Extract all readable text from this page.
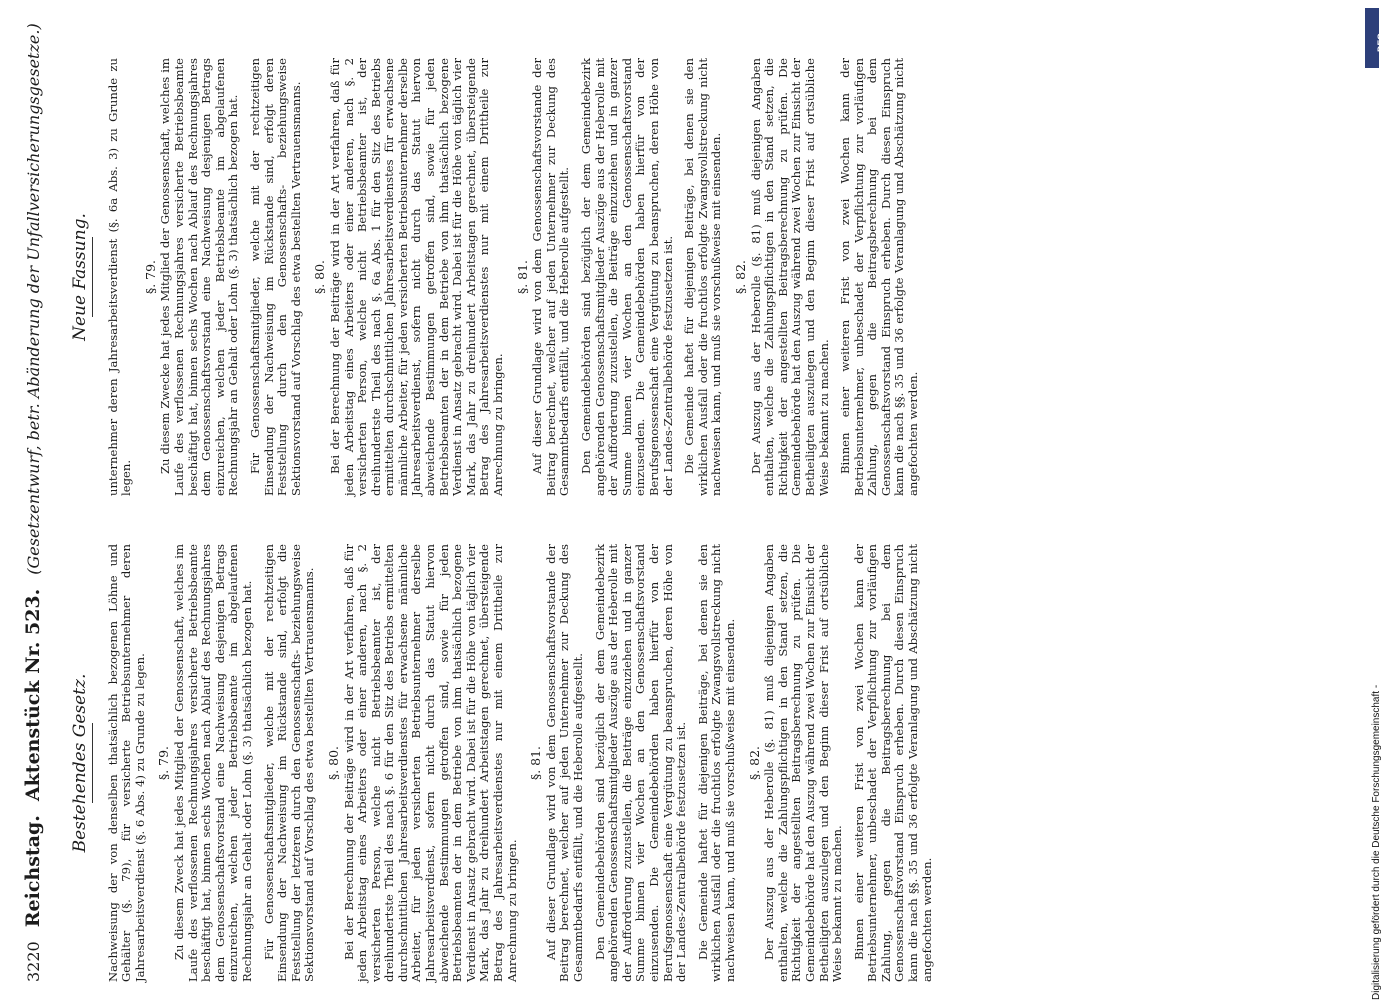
3220
Reichstag.
Aktenstück Nr. 523.
(Gesetzentwurf, betr. Abänderung der Unfallversicherungsgesetze.)
Bestehendes Gesetz.	Nachweisung der von denselben thatsächlich bezogenen Löhne und Gehälter (§. 79), für versicherte Betriebsunternehmer deren Jahresarbeitsverdienst (§. 6 Abs. 4) zu Grunde zu legen. §. 79. Zu diesem Zweck hat jedes Mitglied der Genossenschaft, welches im Laufe des verflossenen Rechnungsjahres versicherte Betriebsbeamte beschäftigt hat, binnen sechs Wochen nach Ablauf des Rechnungsjahres dem Genossenschaftsvorstand eine Nachweisung desjenigen Betrags einzureichen, welchen jeder Betriebsbeamte im abgelaufenen Rechnungsjahr an Gehalt oder Lohn (§. 3) thatsächlich bezogen hat. Für Genossenschaftsmitglieder, welche mit der rechtzeitigen Einsendung der Nachweisung im Rückstande sind, erfolgt die Feststellung der letzteren durch den Genossenschafts- beziehungsweise Sektionsvorstand auf Vorschlag des etwa bestellten Vertrauensmanns. §. 80. Bei der Berechnung der Beiträge wird in der Art verfahren, daß für jeden Arbeitstag eines Arbeiters oder einer anderen, nach §. 2 versicherten Person, welche nicht Betriebsbeamter ist, der dreihundertste Theil des nach §. 6 für den Sitz des Betriebs ermittelten durchschnittlichen Jahresarbeitsverdienstes für erwachsene männliche Arbeiter, für jeden versicherten Betriebsunternehmer derselbe Jahresarbeitsverdienst, sofern nicht durch das Statut hiervon abweichende Bestimmungen getroffen sind, sowie für jeden Betriebsbeamten der in dem Betriebe von ihm thatsächlich bezogene Verdienst in Ansatz gebracht wird. Dabei ist für die Höhe von täglich vier Mark, das Jahr zu dreihundert Arbeitstagen gerechnet, übersteigende Betrag des Jahresarbeitsverdienstes nur mit einem Drittheile zur Anrechnung zu bringen.

§. 81. Auf dieser Grundlage wird von dem Genossenschaftsvorstande der Beitrag berechnet, welcher auf jeden Unternehmer zur Deckung des Gesammtbedarfs entfällt, und die Heberolle aufgestellt. Den Gemeindebehörden sind bezüglich der dem Gemeindebezirk angehörenden Genossenschaftsmitglieder Auszüge aus der Heberolle mit der Aufforderung zuzustellen, die Beiträge einzuziehen und in ganzer Summe binnen vier Wochen an den Genossenschaftsvorstand einzusenden. Die Gemeindebehörden haben hierfür von der Berufsgenossenschaft eine Vergütung zu beanspruchen, deren Höhe von der Landes-Zentralbehörde festzusetzen ist. Die Gemeinde haftet für diejenigen Beiträge, bei denen sie den wirklichen Ausfall oder die fruchtlos erfolgte Zwangsvollstreckung nicht nachweisen kann, und muß sie vorschußweise mit einsenden. §. 82. Der Auszug aus der Heberolle (§. 81) muß diejenigen Angaben enthalten, welche die Zahlungspflichtigen in den Stand setzen, die Richtigkeit der angestellten Beitragsberechnung zu prüfen. Die Gemeindebehörde hat den Auszug während zwei Wochen zur Einsicht der Betheiligten auszulegen und den Beginn dieser Frist auf ortsübliche Weise bekannt zu machen. Binnen einer weiteren Frist von zwei Wochen kann der Betriebsunternehmer, unbeschadet der Verpflichtung zur vorläufigen Zahlung, gegen die Beitragsberechnung bei dem Genossenschaftsvorstand Einspruch erheben. Durch diesen Einspruch kann die nach §§. 35 und 36 erfolgte Veranlagung und Abschätzung nicht angefochten werden.

Neue Fassung.	unternehmer deren Jahresarbeitsverdienst (§. 6a Abs. 3) zu Grunde zu legen.

§. 79. Zu diesem Zwecke hat jedes Mitglied der Genossenschaft, welches im Laufe des verflossenen Rechnungsjahres versicherte Betriebsbeamte beschäftigt hat, binnen sechs Wochen nach Ablauf des Rechnungsjahres dem Genossenschaftsvorstand eine Nachweisung desjenigen Betrags einzureichen, welchen jeder Betriebsbeamte im abgelaufenen Rechnungsjahr an Gehalt oder Lohn (§. 3) thatsächlich bezogen hat. Für Genossenschaftsmitglieder, welche mit der rechtzeitigen Einsendung der Nachweisung im Rückstande sind, erfolgt deren Feststellung durch den Genossenschafts- beziehungsweise Sektionsvorstand auf Vorschlag des etwa bestellten Vertrauensmanns. §. 80. Bei der Berechnung der Beiträge wird in der Art verfahren, daß für jeden Arbeitstag eines Arbeiters oder einer anderen, nach §. 2 versicherten Person, welche nicht Betriebsbeamter ist, der dreihundertste Theil des nach §. 6a Abs. 1 für den Sitz des Betriebs ermittelten durchschnittlichen Jahresarbeitsverdienstes für erwachsene männliche Arbeiter, für jeden versicherten Betriebsunternehmer derselbe Jahresarbeitsverdienst, sofern nicht durch das Statut hiervon abweichende Bestimmungen getroffen sind, sowie für jeden Betriebsbeamten der in dem Betriebe von ihm thatsächlich bezogene Verdienst in Ansatz gebracht wird. Dabei ist für die Höhe von täglich vier Mark, das Jahr zu dreihundert Arbeitstagen gerechnet, übersteigende Betrag des Jahresarbeitsverdienstes nur mit einem Drittheile zur Anrechnung zu bringen.

§. 81. Auf dieser Grundlage wird von dem Genossenschaftsvorstande der Beitrag berechnet, welcher auf jeden Unternehmer zur Deckung des Gesammtbedarfs entfällt, und die Heberolle aufgestellt. Den Gemeindebehörden sind bezüglich der dem Gemeindebezirk angehörenden Genossenschaftsmitglieder Auszüge aus der Heberolle mit der Aufforderung zuzustellen, die Beiträge einzuziehen und in ganzer Summe binnen vier Wochen an den Genossenschaftsvorstand einzusenden. Die Gemeindebehörden haben hierfür von der Berufsgenossenschaft eine Vergütung zu beanspruchen, deren Höhe von der Landes-Zentralbehörde festzusetzen ist. Die Gemeinde haftet für diejenigen Beiträge, bei denen sie den wirklichen Ausfall oder die fruchtlos erfolgte Zwangsvollstreckung nicht nachweisen kann, und muß sie vorschußweise mit einsenden. §. 82. Der Auszug aus der Heberolle (§. 81) muß diejenigen Angaben enthalten, welche die Zahlungspflichtigen in den Stand setzen, die Richtigkeit der angestellten Beitragsberechnung zu prüfen. Die Gemeindebehörde hat den Auszug während zwei Wochen zur Einsicht der Betheiligten auszulegen und den Beginn dieser Frist auf ortsübliche Weise bekannt zu machen. Binnen einer weiteren Frist von zwei Wochen kann der Betriebsunternehmer, unbeschadet der Verpflichtung zur vorläufigen Zahlung, gegen die Beitragsberechnung bei dem Genossenschaftsvorstand Einspruch erheben. Durch diesen Einspruch kann die nach §§. 35 und 36 erfolgte Veranlagung und Abschätzung nicht angefochten werden.

Digitalisierung gefördert durch die Deutsche Forschungsgemeinschaft -
DFG
